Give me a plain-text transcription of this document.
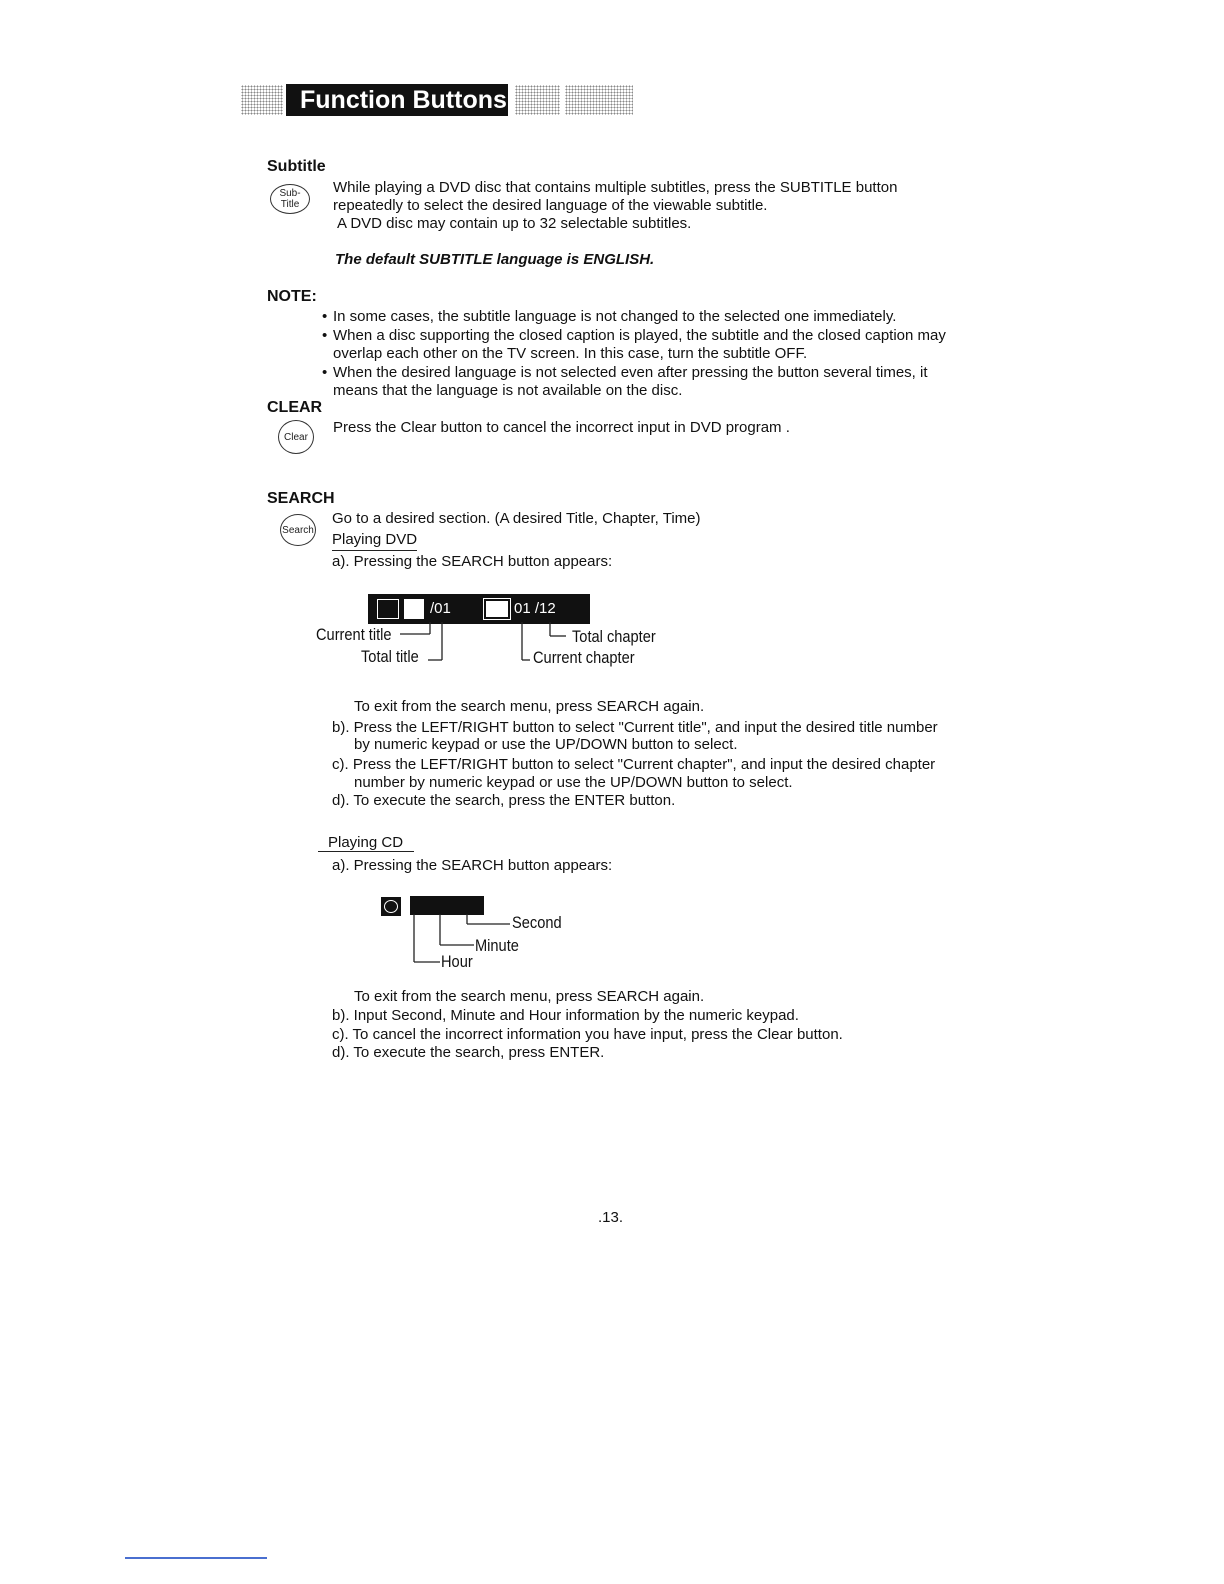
Function Buttons
Subtitle
Sub-
Title
While playing a DVD disc that contains multiple subtitles, press the SUBTITLE button
repeatedly to select the desired language of the viewable subtitle.
A DVD disc may contain up to 32 selectable subtitles.
The default SUBTITLE language is ENGLISH.
NOTE:
• In some cases, the subtitle language is not changed to the selected one immediately.
• When a disc supporting the closed caption is played, the subtitle and the closed caption may
overlap each other on the TV screen. In this case, turn the subtitle OFF.
• When the desired language is not selected even after pressing the button several times, it
means that the language is not available on the disc.
CLEAR
Clear
Press the Clear button to cancel the incorrect input in DVD program .
SEARCH
Search
Go to a desired section. (A desired Title, Chapter, Time)
Playing DVD
a). Pressing the SEARCH button appears:
/01	01 /12
Current title
Total title
Total chapter
Current chapter
To exit from the search menu, press SEARCH again.
b). Press the LEFT/RIGHT button to select "Current title", and input the desired title number
by numeric keypad or use the UP/DOWN button to select.
c). Press the LEFT/RIGHT button to select "Current chapter", and input the desired chapter
number by numeric keypad or use the UP/DOWN button to select.
d). To execute the search, press the ENTER button.
Playing CD
a). Pressing the SEARCH button appears:
Second
Minute
Hour
To exit from the search menu, press SEARCH again.
b). Input Second, Minute and Hour information by the numeric keypad.
c). To cancel the incorrect information you have input, press the Clear button.
d). To execute the search, press ENTER.
.13.
